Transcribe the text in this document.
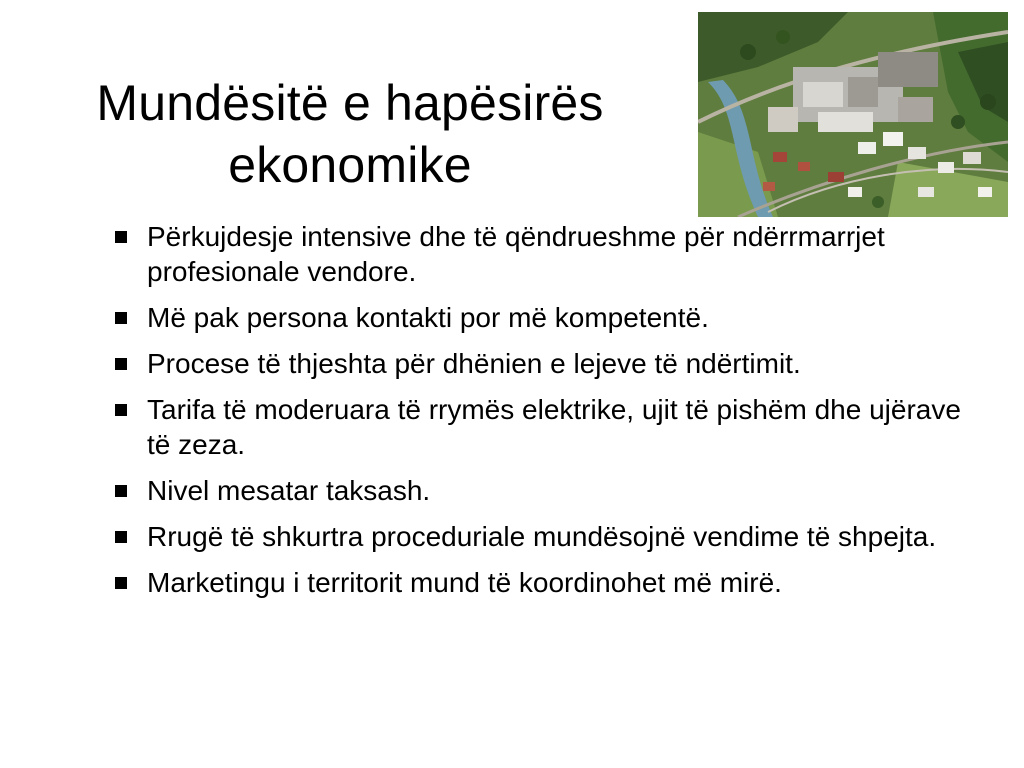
Mundësitë e hapësirës
ekonomike
Përkujdesje intensive dhe të qëndrueshme për ndërrmarrjet profesionale vendore.
Më pak persona kontakti por më kompetentë.
Procese të thjeshta për dhënien e lejeve të ndërtimit.
Tarifa të moderuara të rrymës elektrike, ujit të pishëm dhe ujërave të zeza.
Nivel mesatar taksash.
Rrugë të shkurtra proceduriale mundësojnë vendime të shpejta.
Marketingu i territorit mund të koordinohet më mirë.
